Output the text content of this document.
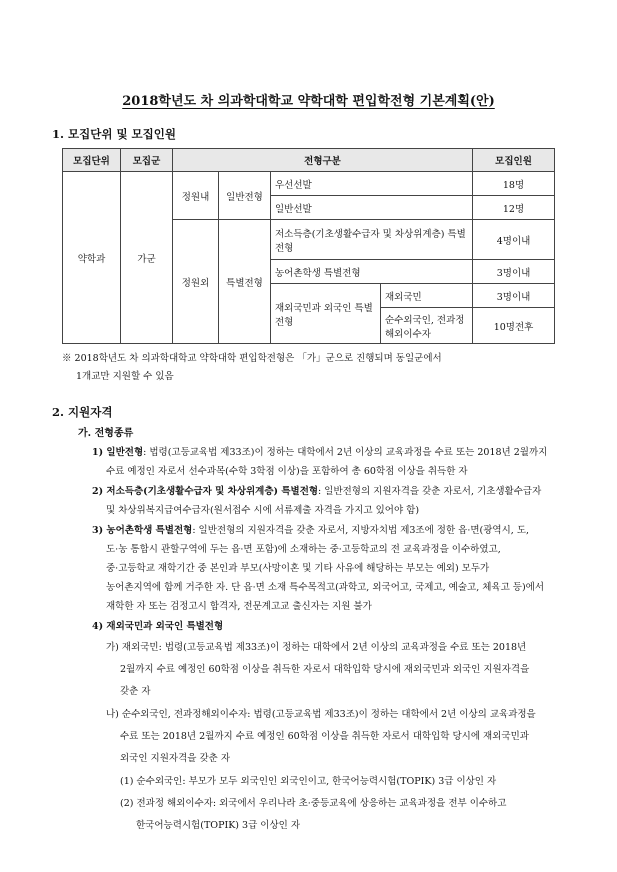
2018학년도 차 의과학대학교 약학대학 편입학전형 기본계획(안)
1. 모집단위 및 모집인원
모집단위	모집군	전형구분				모집인원
약학과	가군	정원내	일반전형	우선선발		18명
				일반선발		12명
		정원외	특별전형	저소득층(기초생활수급자 및 차상위계층) 특별전형		4명이내
				농어촌학생 특별전형		3명이내
				재외국민과 외국인 특별전형	재외국민	3명이내
					순수외국인, 전과정해외이수자	10명전후
※ 2018학년도 차 의과학대학교 약학대학 편입학전형은 「가」군으로 진행되며 동일군에서
1개교만 지원할 수 있음
2. 지원자격
가. 전형종류
1) 일반전형: 법령(고등교육법 제33조)이 정하는 대학에서 2년 이상의 교육과정을 수료 또는 2018년 2월까지
수료 예정인 자로서 선수과목(수학 3학점 이상)을 포함하여 총 60학점 이상을 취득한 자
2) 저소득층(기초생활수급자 및 차상위계층) 특별전형: 일반전형의 지원자격을 갖춘 자로서, 기초생활수급자
및 차상위복지급여수급자(원서접수 시에 서류제출 자격을 가지고 있어야 함)
3) 농어촌학생 특별전형: 일반전형의 지원자격을 갖춘 자로서, 지방자치법 제3조에 정한 읍·면(광역시, 도,
도·농 통합시 관할구역에 두는 읍·면 포함)에 소재하는 중·고등학교의 전 교육과정을 이수하였고,
중·고등학교 재학기간 중 본인과 부모(사망이혼 및 기타 사유에 해당하는 부모는 예외) 모두가
농어촌지역에 함께 거주한 자. 단 읍·면 소재 특수목적고(과학고, 외국어고, 국제고, 예술고, 체육고 등)에서
재학한 자 또는 검정고시 합격자, 전문계고교 출신자는 지원 불가
4) 재외국민과 외국인 특별전형
가) 재외국민: 법령(고등교육법 제33조)이 정하는 대학에서 2년 이상의 교육과정을 수료 또는 2018년
2월까지 수료 예정인 60학점 이상을 취득한 자로서 대학입학 당시에 재외국민과 외국인 지원자격을
갖춘 자
나) 순수외국인, 전과정해외이수자: 법령(고등교육법 제33조)이 정하는 대학에서 2년 이상의 교육과정을
수료 또는 2018년 2월까지 수료 예정인 60학점 이상을 취득한 자로서 대학입학 당시에 재외국민과
외국인 지원자격을 갖춘 자
(1) 순수외국인: 부모가 모두 외국인인 외국인이고, 한국어능력시험(TOPIK) 3급 이상인 자
(2) 전과정 해외이수자: 외국에서 우리나라 초·중등교육에 상응하는 교육과정을 전부 이수하고
한국어능력시험(TOPIK) 3급 이상인 자
